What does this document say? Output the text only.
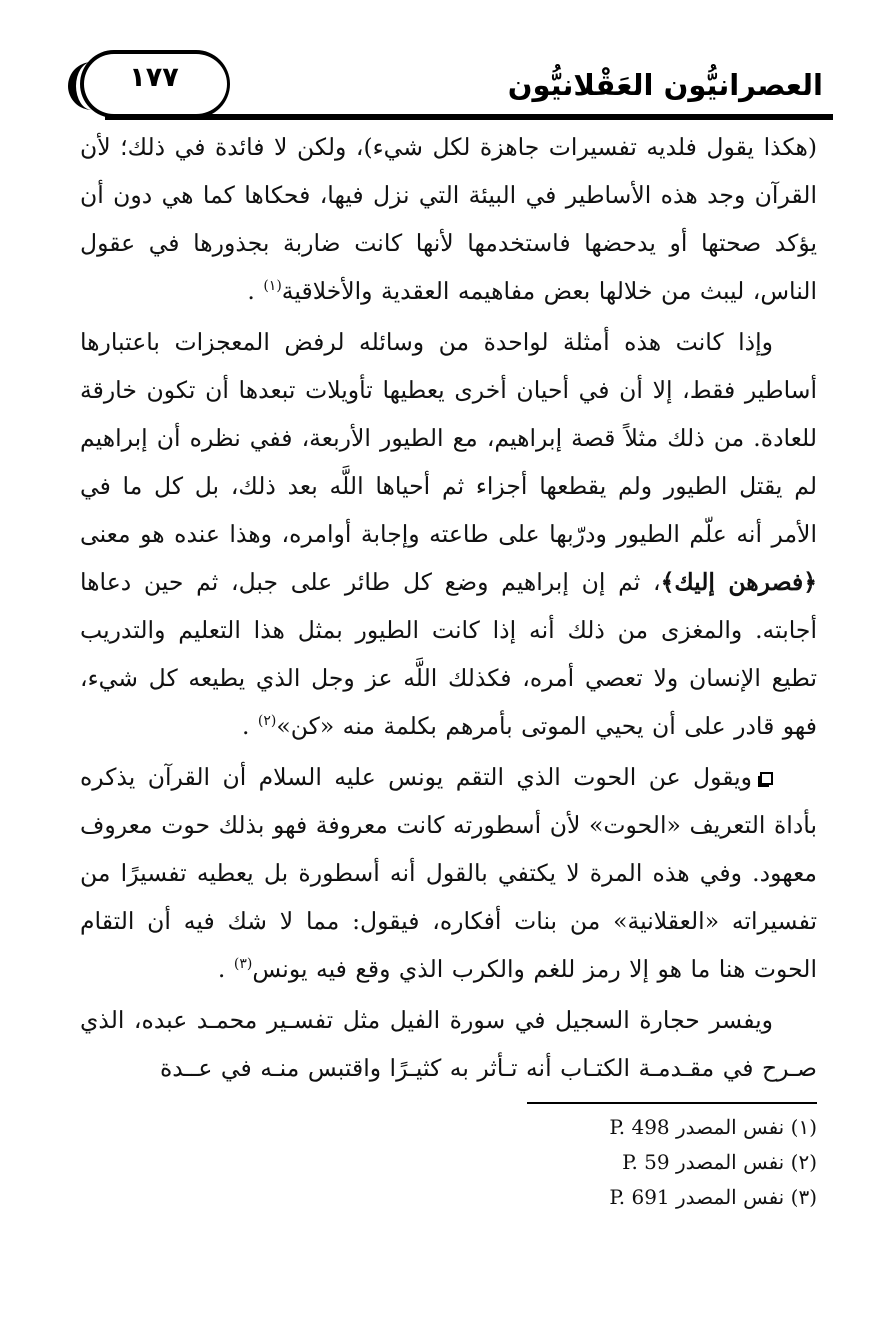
١٧٧	العصرانيُّون العَقْلانيُّون

(هكذا يقول فلديه تفسيرات جاهزة لكل شيء)، ولكن لا فائدة في ذلك؛ لأن القرآن وجد هذه الأساطير في البيئة التي نزل فيها، فحكاها كما هي دون أن يؤكد صحتها أو يدحضها فاستخدمها لأنها كانت ضاربة بجذورها في عقول الناس، ليبث من خلالها بعض مفاهيمه العقدية والأخلاقية$^{(١)}$ .

وإذا كانت هذه أمثلة لواحدة من وسائله لرفض المعجزات باعتبارها أساطير فقط، إلا أن في أحيان أخرى يعطيها تأويلات تبعدها أن تكون خارقة للعادة. من ذلك مثلاً قصة إبراهيم، مع الطيور الأربعة، ففي نظره أن إبراهيم لم يقتل الطيور ولم يقطعها أجزاء ثم أحياها اللَّه بعد ذلك، بل كل ما في الأمر أنه علّم الطيور ودرّبها على طاعته وإجابة أوامره، وهذا عنده هو معنى ﴿فصرهن إليك﴾، ثم إن إبراهيم وضع كل طائر على جبل، ثم حين دعاها أجابته. والمغزى من ذلك أنه إذا كانت الطيور بمثل هذا التعليم والتدريب تطيع الإنسان ولا تعصي أمره، فكذلك اللَّه عز وجل الذي يطيعه كل شيء، فهو قادر على أن يحيي الموتى بأمرهم بكلمة منه «كن»$^{(٢)}$ .

ويقول عن الحوت الذي التقم يونس عليه السلام أن القرآن يذكره بأداة التعريف «الحوت» لأن أسطورته كانت معروفة فهو بذلك حوت معروف معهود. وفي هذه المرة لا يكتفي بالقول أنه أسطورة بل يعطيه تفسيرًا من تفسيراته «العقلانية» من بنات أفكاره، فيقول: مما لا شك فيه أن التقام الحوت هنا ما هو إلا رمز للغم والكرب الذي وقع فيه يونس$^{(٣)}$ .

ويفسر حجارة السجيل في سورة الفيل مثل تفسـير محمـد عبده، الذي صـرح في مقـدمـة الكتـاب أنه تـأثر به كثيـرًا واقتبس منـه في عــدة

(١) نفس المصدر P. 498
(٢) نفس المصدر P. 59
(٣) نفس المصدر P. 691
